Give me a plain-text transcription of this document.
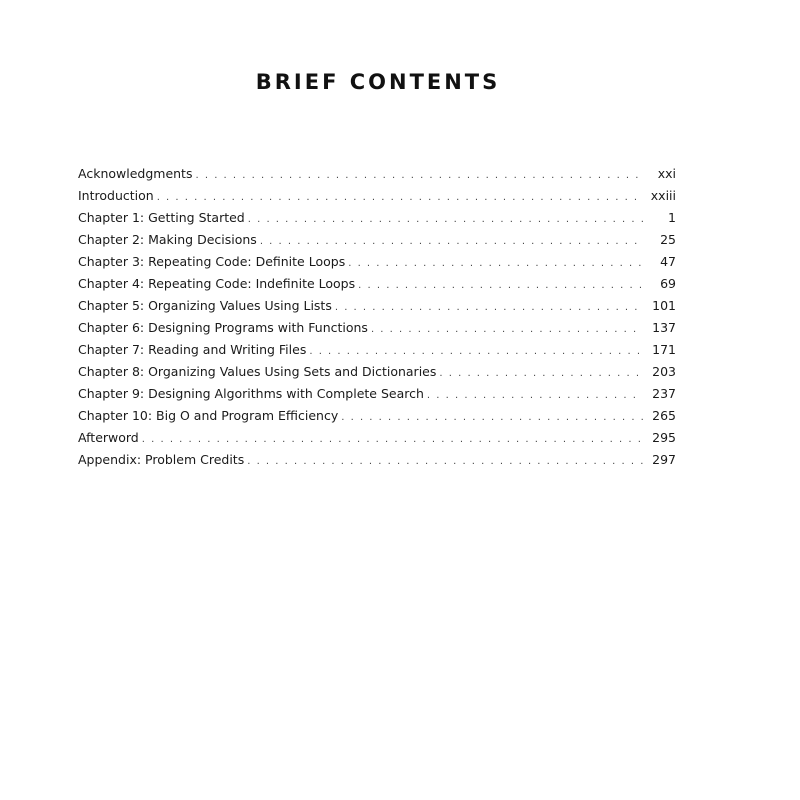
BRIEF CONTENTS
Acknowledgments . . .	xxi
Introduction . . .	xxiii
Chapter 1: Getting Started . . .	1
Chapter 2: Making Decisions . . .	25
Chapter 3: Repeating Code: Definite Loops . . .	47
Chapter 4: Repeating Code: Indefinite Loops . . .	69
Chapter 5: Organizing Values Using Lists . . .	101
Chapter 6: Designing Programs with Functions . . .	137
Chapter 7: Reading and Writing Files . . .	171
Chapter 8: Organizing Values Using Sets and Dictionaries . . .	203
Chapter 9: Designing Algorithms with Complete Search . . .	237
Chapter 10: Big O and Program Efficiency . . .	265
Afterword . . .	295
Appendix: Problem Credits . . .	297
